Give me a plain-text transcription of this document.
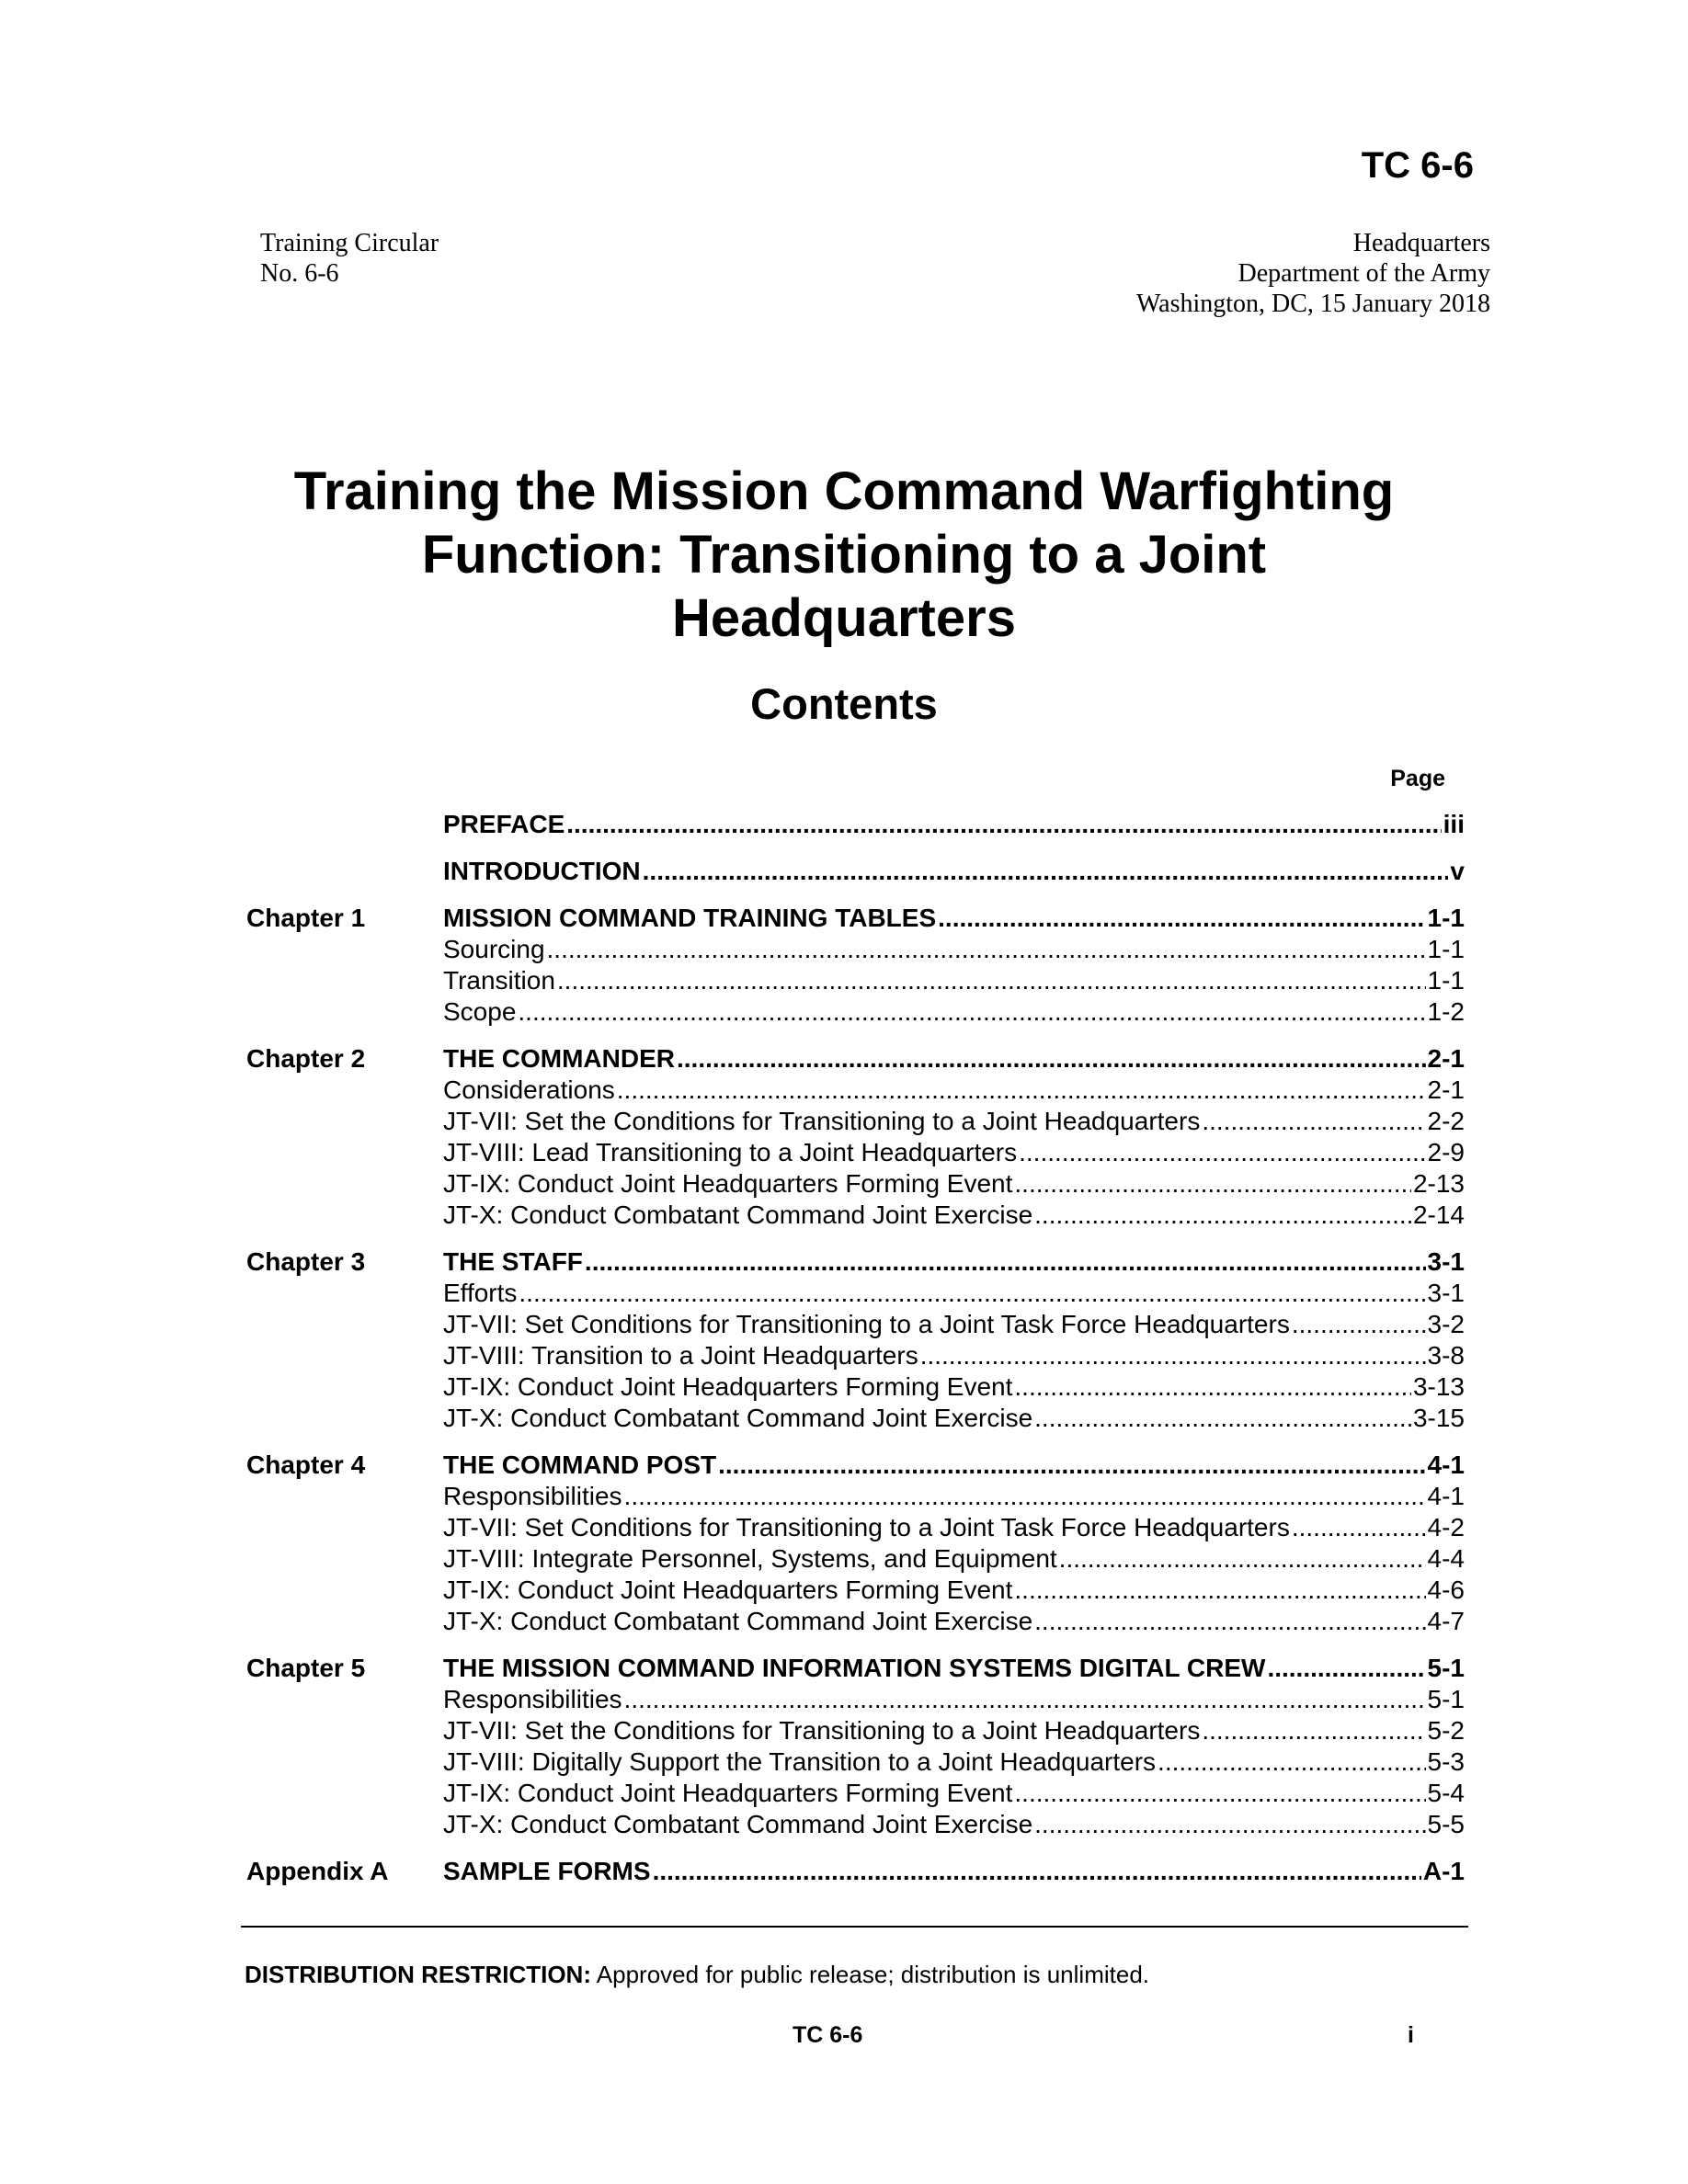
TC 6-6
Training Circular
No. 6-6
Headquarters
Department of the Army
Washington, DC, 15 January 2018
Training the Mission Command Warfighting
Function: Transitioning to a Joint
Headquarters
Contents
Page
PREFACE .....	iii
INTRODUCTION .....	v
Chapter 1	MISSION COMMAND TRAINING TABLES .....	1-1
Sourcing .....	1-1
Transition .....	1-1
Scope .....	1-2
Chapter 2	THE COMMANDER .....	2-1
Considerations .....	2-1
JT-VII: Set the Conditions for Transitioning to a Joint Headquarters .....	2-2
JT-VIII: Lead Transitioning to a Joint Headquarters .....	2-9
JT-IX: Conduct Joint Headquarters Forming Event .....	2-13
JT-X: Conduct Combatant Command Joint Exercise .....	2-14
Chapter 3	THE STAFF .....	3-1
Efforts .....	3-1
JT-VII: Set Conditions for Transitioning to a Joint Task Force Headquarters .....	3-2
JT-VIII: Transition to a Joint Headquarters .....	3-8
JT-IX: Conduct Joint Headquarters Forming Event .....	3-13
JT-X: Conduct Combatant Command Joint Exercise .....	3-15
Chapter 4	THE COMMAND POST .....	4-1
Responsibilities .....	4-1
JT-VII: Set Conditions for Transitioning to a Joint Task Force Headquarters .....	4-2
JT-VIII: Integrate Personnel, Systems, and Equipment .....	4-4
JT-IX: Conduct Joint Headquarters Forming Event .....	4-6
JT-X: Conduct Combatant Command Joint Exercise .....	4-7
Chapter 5	THE MISSION COMMAND INFORMATION SYSTEMS DIGITAL CREW .....	5-1
Responsibilities .....	5-1
JT-VII: Set the Conditions for Transitioning to a Joint Headquarters .....	5-2
JT-VIII: Digitally Support the Transition to a Joint Headquarters .....	5-3
JT-IX: Conduct Joint Headquarters Forming Event .....	5-4
JT-X: Conduct Combatant Command Joint Exercise .....	5-5
Appendix A	SAMPLE FORMS .....	A-1
DISTRIBUTION RESTRICTION: Approved for public release; distribution is unlimited.
TC 6-6	i
